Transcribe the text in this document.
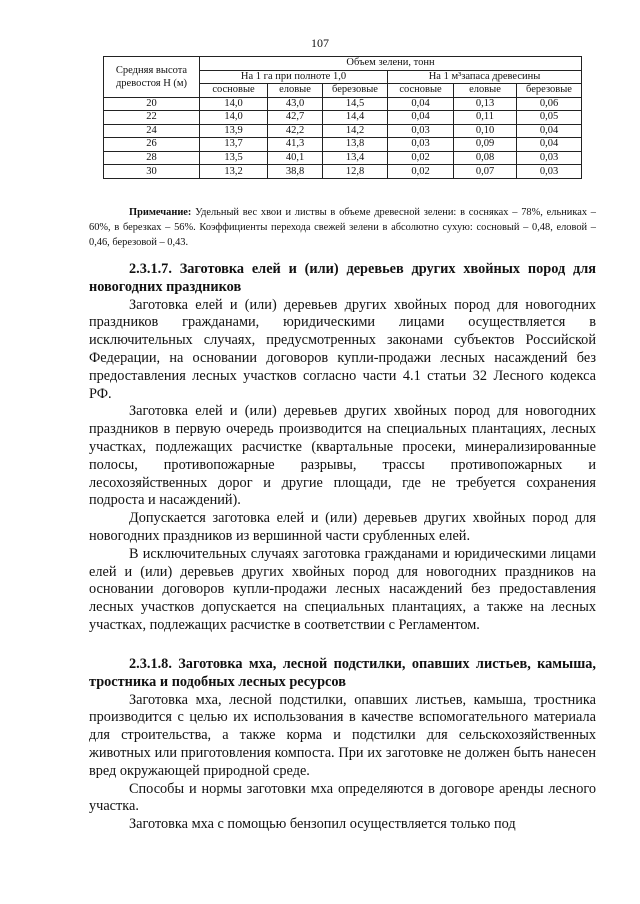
107
Средняя высота древостоя Н (м)	Объем зелени, тонн					
	На 1 га при полноте 1,0			На 1 м³запаса древесины		
	сосновые	еловые	березовые	сосновые	еловые	березовые
20	14,0	43,0	14,5	0,04	0,13	0,06
22	14,0	42,7	14,4	0,04	0,11	0,05
24	13,9	42,2	14,2	0,03	0,10	0,04
26	13,7	41,3	13,8	0,03	0,09	0,04
28	13,5	40,1	13,4	0,02	0,08	0,03
30	13,2	38,8	12,8	0,02	0,07	0,03
Примечание: Удельный вес хвои и листвы в объеме древесной зелени: в сосняках – 78%, ельниках – 60%, в березках – 56%. Коэффициенты перехода свежей зелени в абсолютно сухую: сосновый – 0,48, еловой – 0,46, березовой – 0,43.
2.3.1.7. Заготовка елей и (или) деревьев других хвойных пород для новогодних праздников

Заготовка елей и (или) деревьев других хвойных пород для новогодних праздников гражданами, юридическими лицами осуществляется в исключительных случаях, предусмотренных законами субъектов Российской Федерации, на основании договоров купли-продажи лесных насаждений без предоставления лесных участков согласно части 4.1 статьи 32 Лесного кодекса РФ.

Заготовка елей и (или) деревьев других хвойных пород для новогодних праздников в первую очередь производится на специальных плантациях, лесных участках, подлежащих расчистке (квартальные просеки, минерализированные полосы, противопожарные разрывы, трассы противопожарных и лесохозяйственных дорог и другие площади, где не требуется сохранения подроста и насаждений).

Допускается заготовка елей и (или) деревьев других хвойных пород для новогодних праздников из вершинной части срубленных елей.

В исключительных случаях заготовка гражданами и юридическими лицами елей и (или) деревьев других хвойных пород для новогодних праздников на основании договоров купли-продажи лесных насаждений без предоставления лесных участков допускается на специальных плантациях, а также на лесных участках, подлежащих расчистке в соответствии с Регламентом.

2.3.1.8. Заготовка мха, лесной подстилки, опавших листьев, камыша, тростника и подобных лесных ресурсов

Заготовка мха, лесной подстилки, опавших листьев, камыша, тростника производится с целью их использования в качестве вспомогательного материала для строительства, а также корма и подстилки для сельскохозяйственных животных или приготовления компоста. При их заготовке не должен быть нанесен вред окружающей природной среде.

Способы и нормы заготовки мха определяются в договоре аренды лесного участка.

Заготовка мха с помощью бензопил осуществляется только под
